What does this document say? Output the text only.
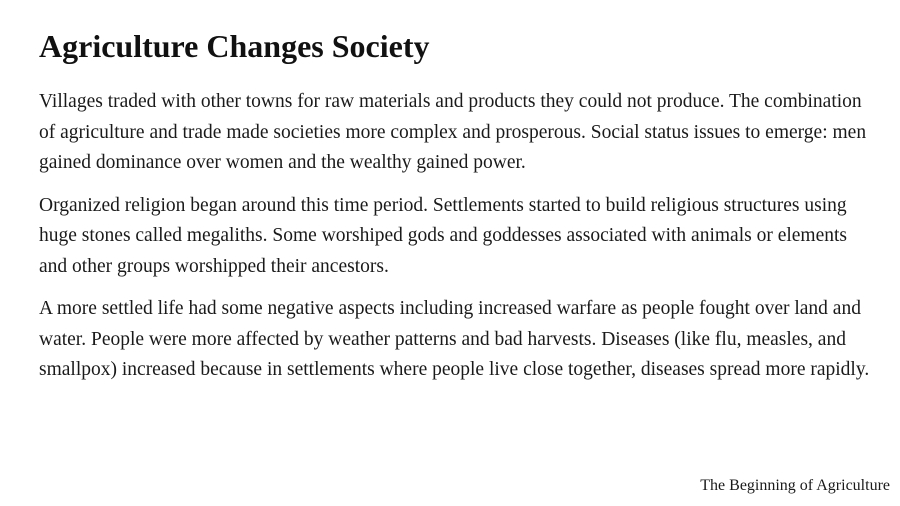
Agriculture Changes Society

Villages traded with other towns for raw materials and products they could not produce. The combination of agriculture and trade made societies more complex and prosperous. Social status issues to emerge: men gained dominance over women and the wealthy gained power.

Organized religion began around this time period. Settlements started to build religious structures using huge stones called megaliths. Some worshiped gods and goddesses associated with animals or elements and other groups worshipped their ancestors.

A more settled life had some negative aspects including increased warfare as people fought over land and water. People were more affected by weather patterns and bad harvests. Diseases (like flu, measles, and smallpox) increased because in settlements where people live close together, diseases spread more rapidly.

The Beginning of Agriculture
